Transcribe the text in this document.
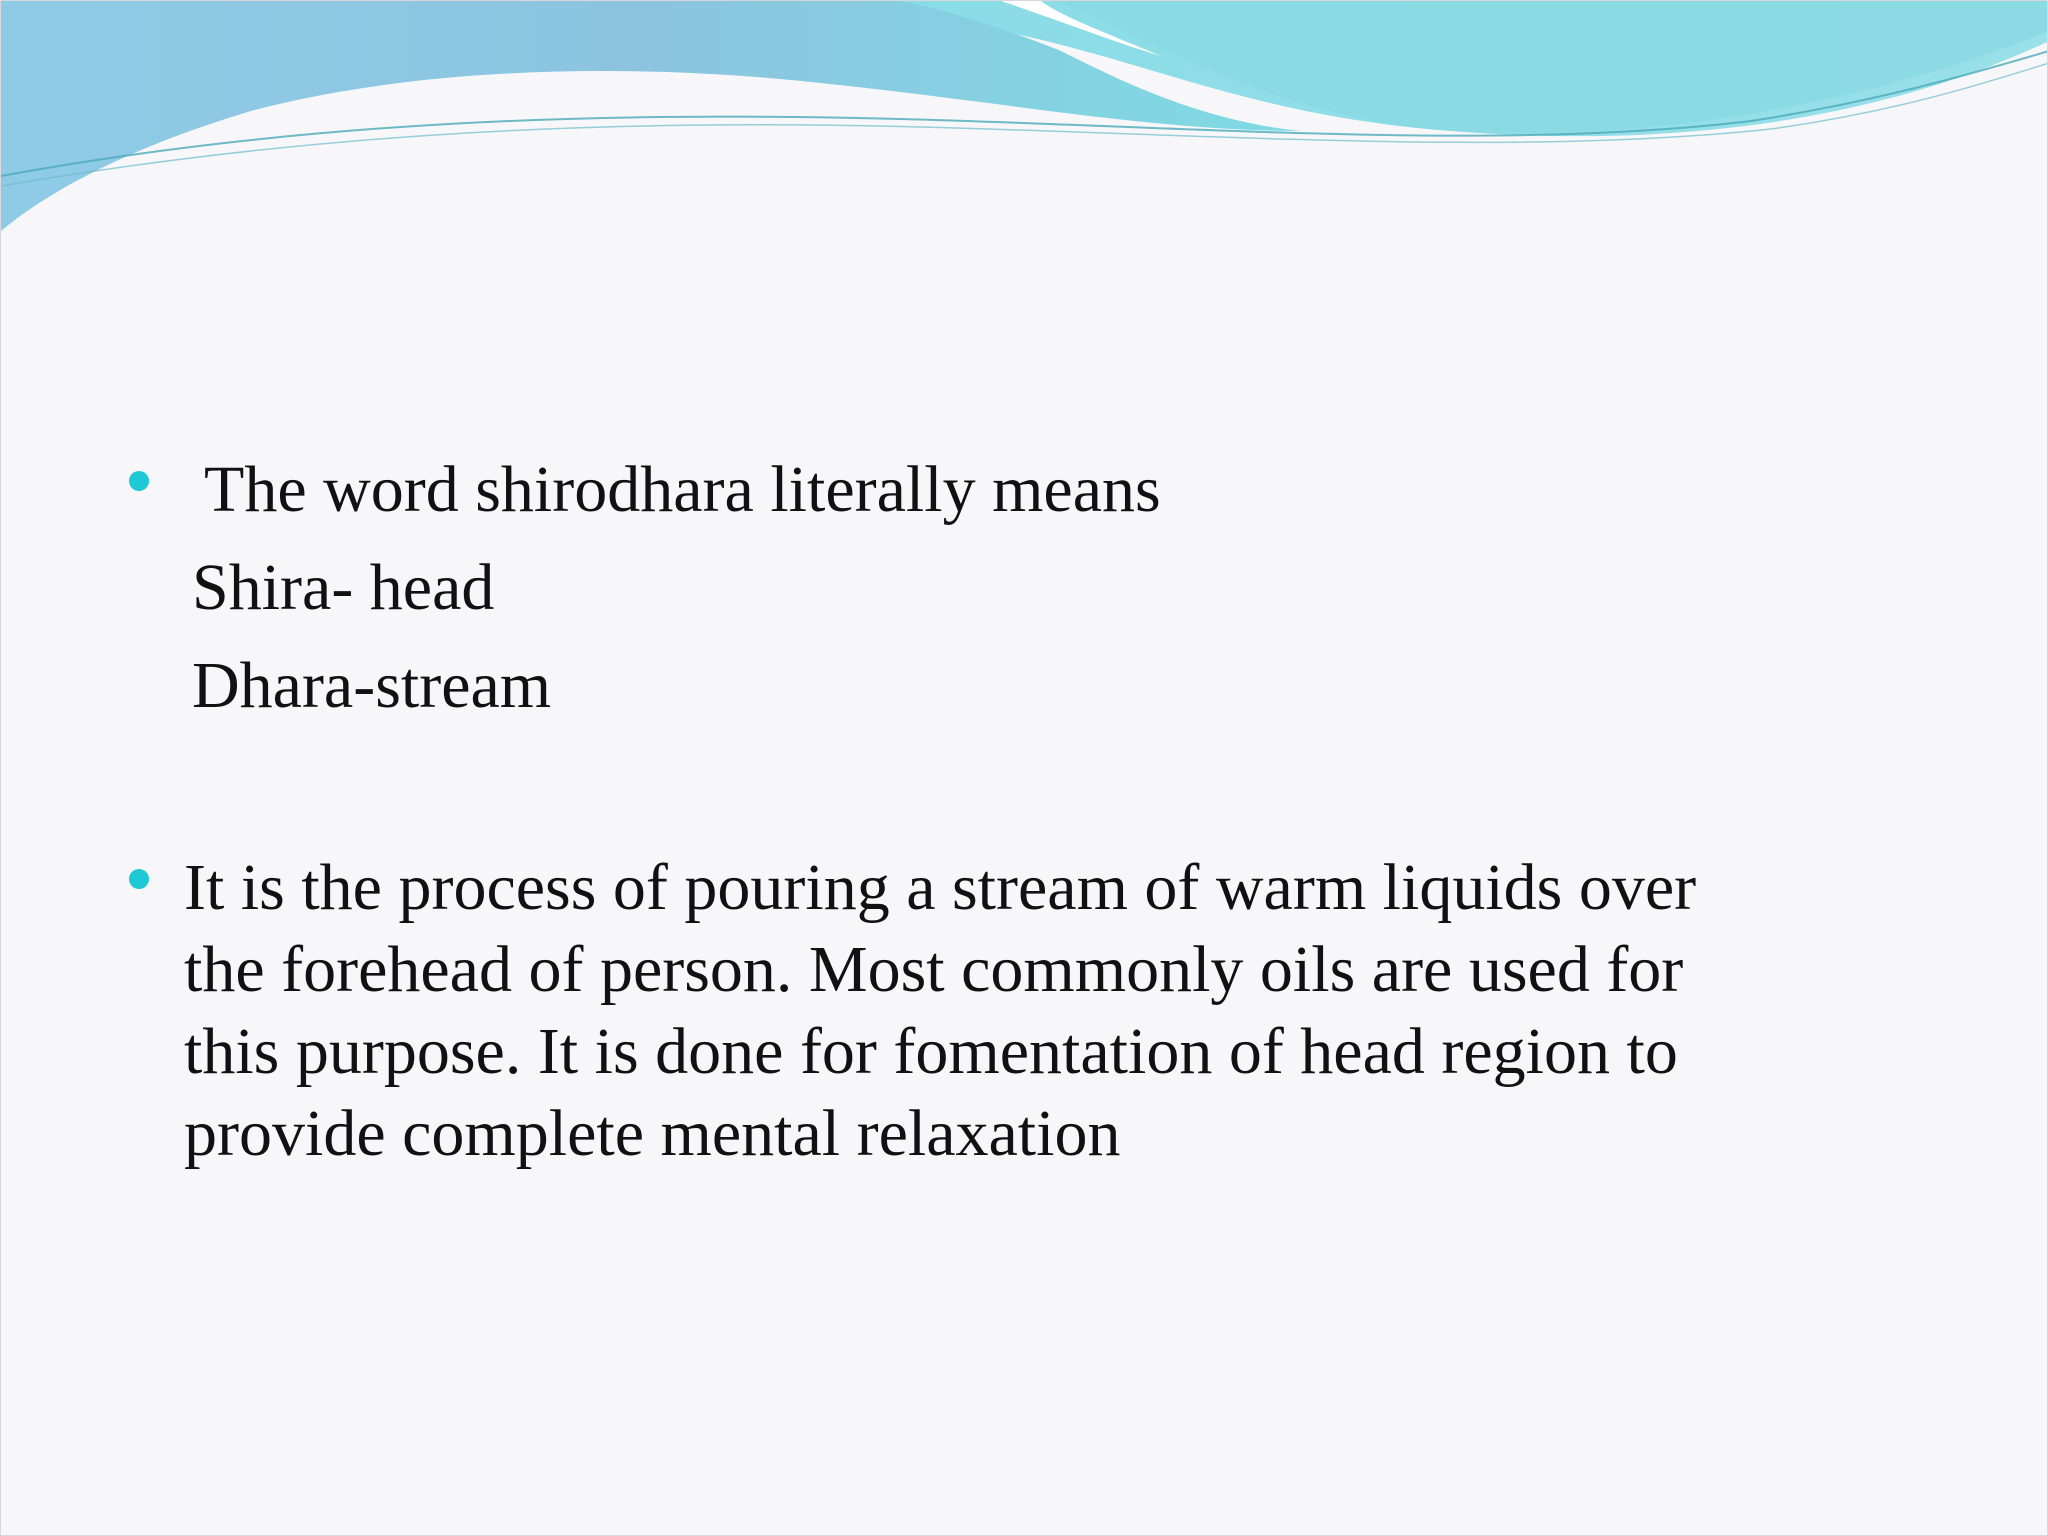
The word shirodhara literally means
Shira- head
Dhara-stream
It is the process of pouring a stream of warm liquids over
the forehead of person. Most commonly oils are used for
this purpose. It is done for fomentation of head region to
provide complete mental relaxation
